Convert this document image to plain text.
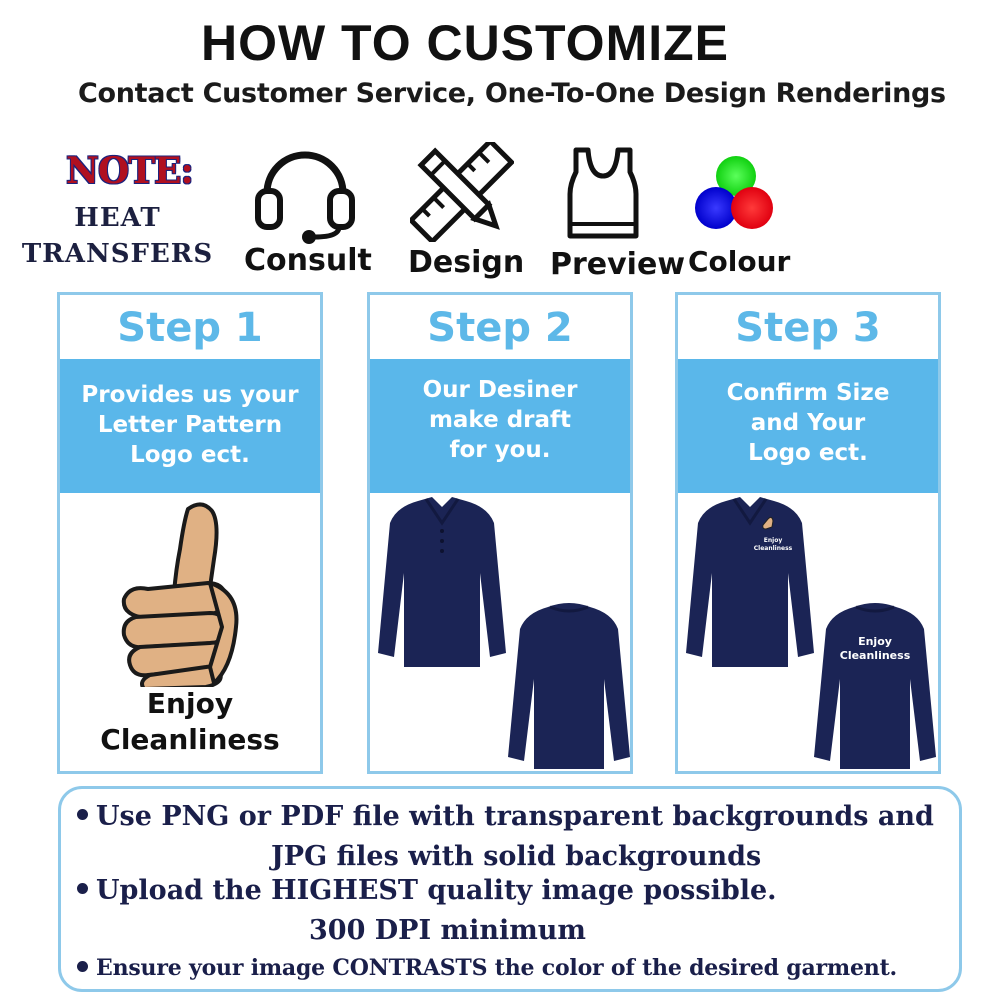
HOW TO CUSTOMIZE
Contact Customer Service, One-To-One Design Renderings
NOTE:
HEAT
TRANSFERS Consult Design Preview Colour
Step 1
Provides us your
Letter Pattern
Logo ect.
Enjoy
Cleanliness
Step 2
Our Desiner
make draft
for you.
Step 3
Confirm Size
and Your
Logo ect.
Enjoy
Cleanliness
Enjoy
Cleanliness
Use PNG or PDF file with transparent backgrounds and
JPG files with solid backgrounds
Upload the HIGHEST quality image possible.
300 DPI minimum
Ensure your image CONTRASTS the color of the desired garment.
